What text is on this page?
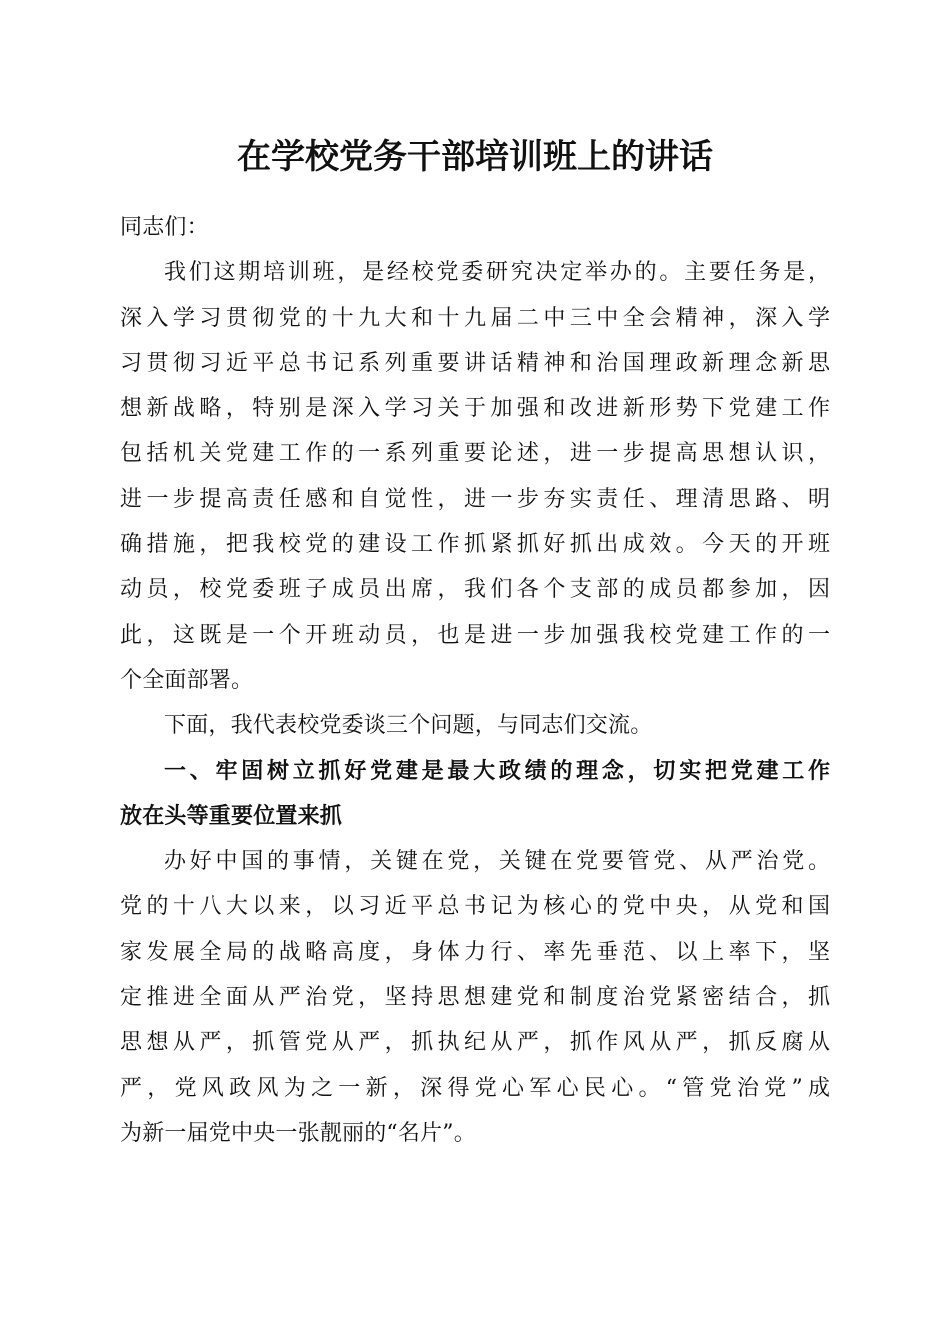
在学校党务干部培训班上的讲话
同志们：
我们这期培训班，是经校党委研究决定举办的。主要任务是，
深入学习贯彻党的十九大和十九届二中三中全会精神，深入学
习贯彻习近平总书记系列重要讲话精神和治国理政新理念新思
想新战略，特别是深入学习关于加强和改进新形势下党建工作
包括机关党建工作的一系列重要论述，进一步提高思想认识，
进一步提高责任感和自觉性，进一步夯实责任、理清思路、明
确措施，把我校党的建设工作抓紧抓好抓出成效。今天的开班
动员，校党委班子成员出席，我们各个支部的成员都参加，因
此，这既是一个开班动员，也是进一步加强我校党建工作的一
个全面部署。
下面，我代表校党委谈三个问题，与同志们交流。
一、牢固树立抓好党建是最大政绩的理念，切实把党建工作
放在头等重要位置来抓
办好中国的事情，关键在党，关键在党要管党、从严治党。
党的十八大以来，以习近平总书记为核心的党中央，从党和国
家发展全局的战略高度，身体力行、率先垂范、以上率下，坚
定推进全面从严治党，坚持思想建党和制度治党紧密结合，抓
思想从严，抓管党从严，抓执纪从严，抓作风从严，抓反腐从
严，党风政风为之一新，深得党心军心民心。“管党治党”成
为新一届党中央一张靓丽的“名片”。
